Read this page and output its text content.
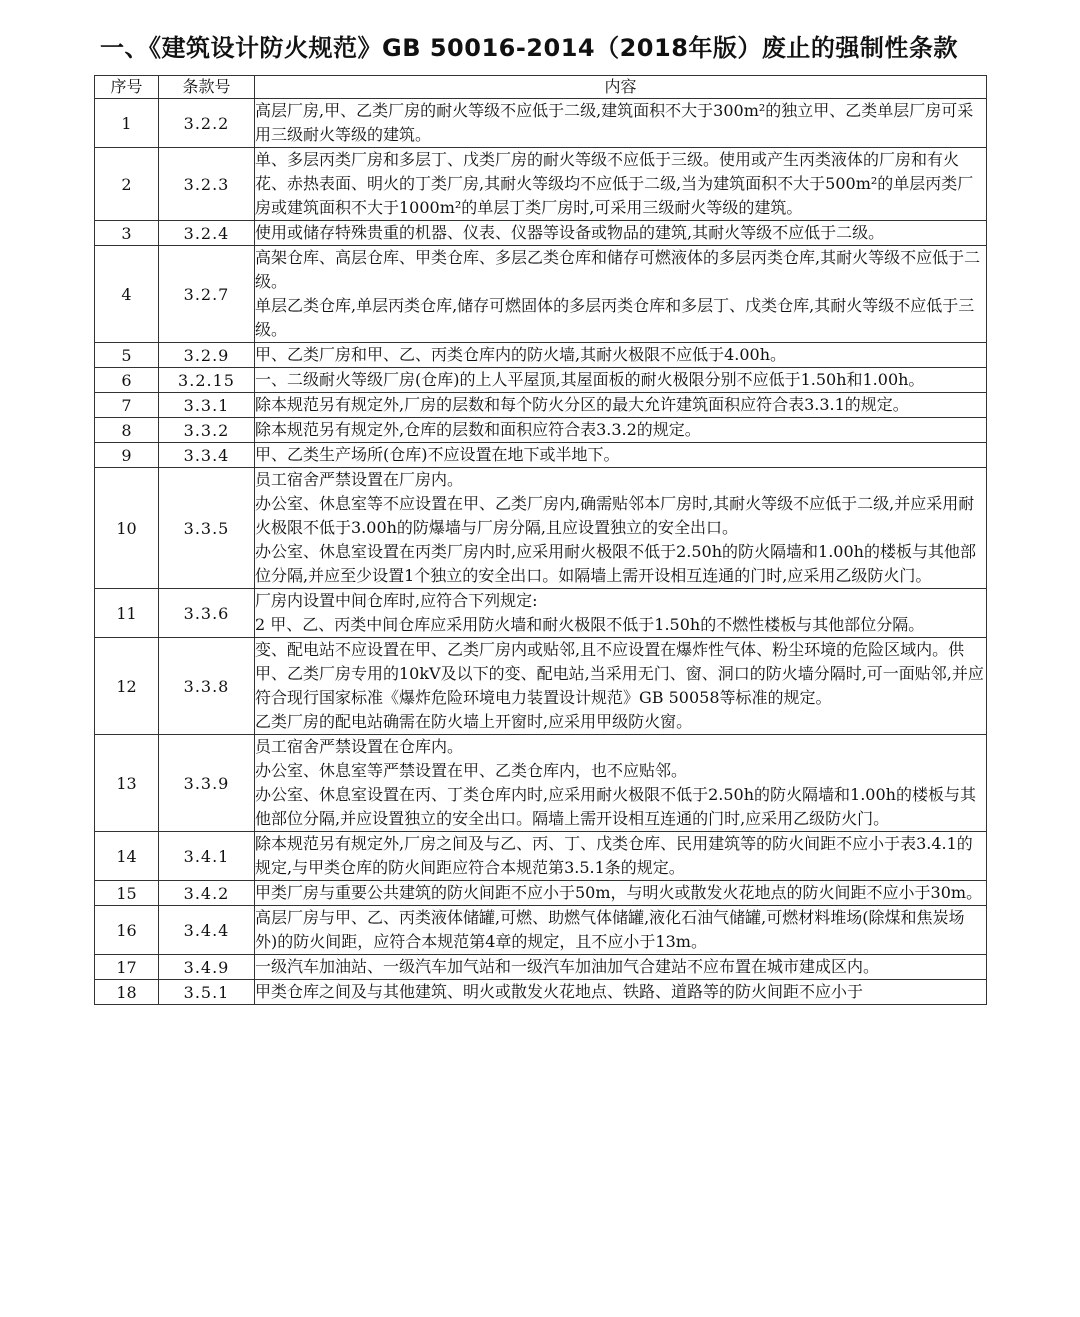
一、《建筑设计防火规范》GB 50016-2014（2018年版）废止的强制性条款
序号	条款号	内容
1	3.2.2	高层厂房,甲、乙类厂房的耐火等级不应低于二级,建筑面积不大于300m²的独立甲、乙类单层厂房可采用三级耐火等级的建筑。

2	3.2.3	单、多层丙类厂房和多层丁、戊类厂房的耐火等级不应低于三级。使用或产生丙类液体的厂房和有火花、赤热表面、明火的丁类厂房,其耐火等级均不应低于二级,当为建筑面积不大于500m²的单层丙类厂房或建筑面积不大于1000m²的单层丁类厂房时,可采用三级耐火等级的建筑。

3	3.2.4	使用或储存特殊贵重的机器、仪表、仪器等设备或物品的建筑,其耐火等级不应低于二级。

4	3.2.7	高架仓库、高层仓库、甲类仓库、多层乙类仓库和储存可燃液体的多层丙类仓库,其耐火等级不应低于二级。
单层乙类仓库,单层丙类仓库,储存可燃固体的多层丙类仓库和多层丁、戊类仓库,其耐火等级不应低于三级。

5	3.2.9	甲、乙类厂房和甲、乙、丙类仓库内的防火墙,其耐火极限不应低于4.00h。

6	3.2.15	一、二级耐火等级厂房(仓库)的上人平屋顶,其屋面板的耐火极限分别不应低于1.50h和1.00h。

7	3.3.1	除本规范另有规定外,厂房的层数和每个防火分区的最大允许建筑面积应符合表3.3.1的规定。

8	3.3.2	除本规范另有规定外,仓库的层数和面积应符合表3.3.2的规定。

9	3.3.4	甲、乙类生产场所(仓库)不应设置在地下或半地下。

10	3.3.5	员工宿舍严禁设置在厂房内。
办公室、休息室等不应设置在甲、乙类厂房内,确需贴邻本厂房时,其耐火等级不应低于二级,并应采用耐火极限不低于3.00h的防爆墙与厂房分隔,且应设置独立的安全出口。
办公室、休息室设置在丙类厂房内时,应采用耐火极限不低于2.50h的防火隔墙和1.00h的楼板与其他部位分隔,并应至少设置1个独立的安全出口。如隔墙上需开设相互连通的门时,应采用乙级防火门。

11	3.3.6	厂房内设置中间仓库时,应符合下列规定:
2 甲、乙、丙类中间仓库应采用防火墙和耐火极限不低于1.50h的不燃性楼板与其他部位分隔。

12	3.3.8	变、配电站不应设置在甲、乙类厂房内或贴邻,且不应设置在爆炸性气体、粉尘环境的危险区域内。供甲、乙类厂房专用的10kV及以下的变、配电站,当采用无门、窗、洞口的防火墙分隔时,可一面贴邻,并应符合现行国家标准《爆炸危险环境电力装置设计规范》GB 50058等标准的规定。
乙类厂房的配电站确需在防火墙上开窗时,应采用甲级防火窗。

13	3.3.9	员工宿舍严禁设置在仓库内。
办公室、休息室等严禁设置在甲、乙类仓库内，也不应贴邻。
办公室、休息室设置在丙、丁类仓库内时,应采用耐火极限不低于2.50h的防火隔墙和1.00h的楼板与其他部位分隔,并应设置独立的安全出口。隔墙上需开设相互连通的门时,应采用乙级防火门。

14	3.4.1	除本规范另有规定外,厂房之间及与乙、丙、丁、戊类仓库、民用建筑等的防火间距不应小于表3.4.1的规定,与甲类仓库的防火间距应符合本规范第3.5.1条的规定。

15	3.4.2	甲类厂房与重要公共建筑的防火间距不应小于50m，与明火或散发火花地点的防火间距不应小于30m。

16	3.4.4	高层厂房与甲、乙、丙类液体储罐,可燃、助燃气体储罐,液化石油气储罐,可燃材料堆场(除煤和焦炭场外)的防火间距，应符合本规范第4章的规定，且不应小于13m。

17	3.4.9	一级汽车加油站、一级汽车加气站和一级汽车加油加气合建站不应布置在城市建成区内。

18	3.5.1	甲类仓库之间及与其他建筑、明火或散发火花地点、铁路、道路等的防火间距不应小于
